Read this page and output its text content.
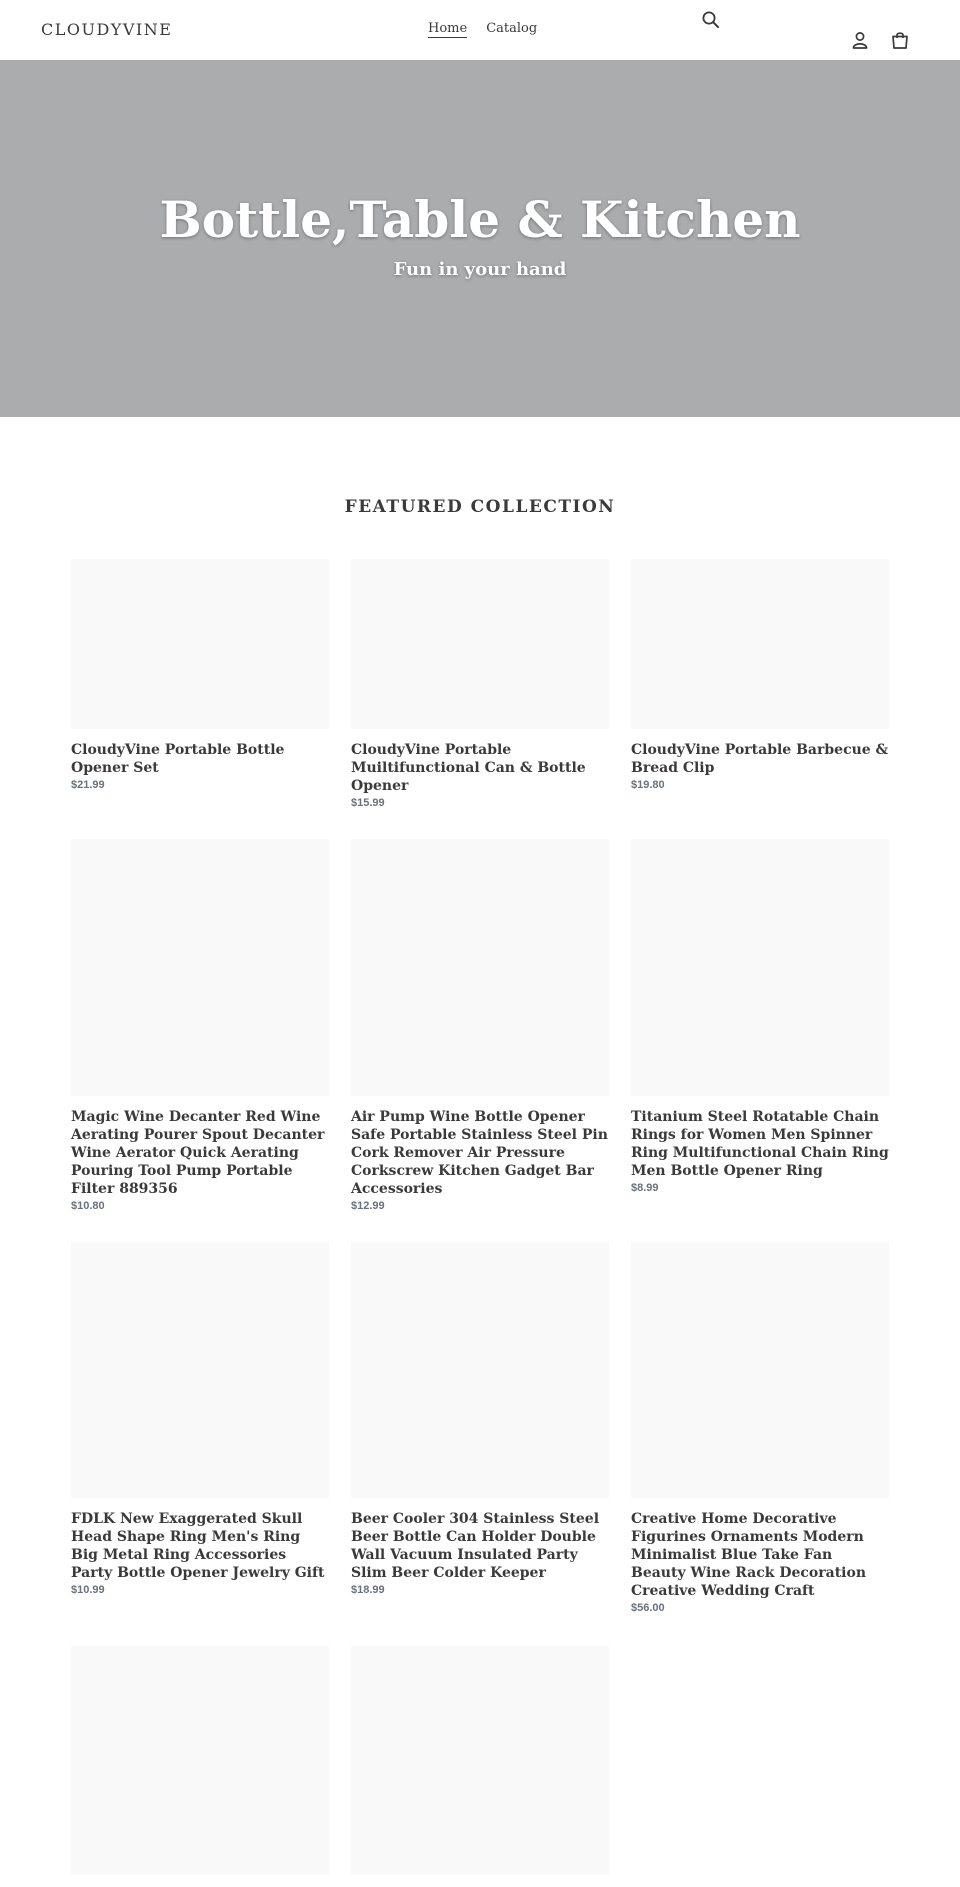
CLOUDYVINE	Home Catalog
Bottle,Table & Kitchen

Fun in your hand

FEATURED COLLECTION
CloudyVine Portable Bottle Opener Set
$21.99
CloudyVine Portable Muiltifunctional Can & Bottle Opener
$15.99
CloudyVine Portable Barbecue & Bread Clip
$19.80
Magic Wine Decanter Red Wine Aerating Pourer Spout Decanter Wine Aerator Quick Aerating Pouring Tool Pump Portable Filter 889356
$10.80
Air Pump Wine Bottle Opener Safe Portable Stainless Steel Pin Cork Remover Air Pressure Corkscrew Kitchen Gadget Bar Accessories
$12.99
Titanium Steel Rotatable Chain Rings for Women Men Spinner Ring Multifunctional Chain Ring Men Bottle Opener Ring
$8.99
FDLK New Exaggerated Skull Head Shape Ring Men's Ring Big Metal Ring Accessories Party Bottle Opener Jewelry Gift
$10.99
Beer Cooler 304 Stainless Steel Beer Bottle Can Holder Double Wall Vacuum Insulated Party Slim Beer Colder Keeper
$18.99
Creative Home Decorative Figurines Ornaments Modern Minimalist Blue Take Fan Beauty Wine Rack Decoration Creative Wedding Craft
$56.00
